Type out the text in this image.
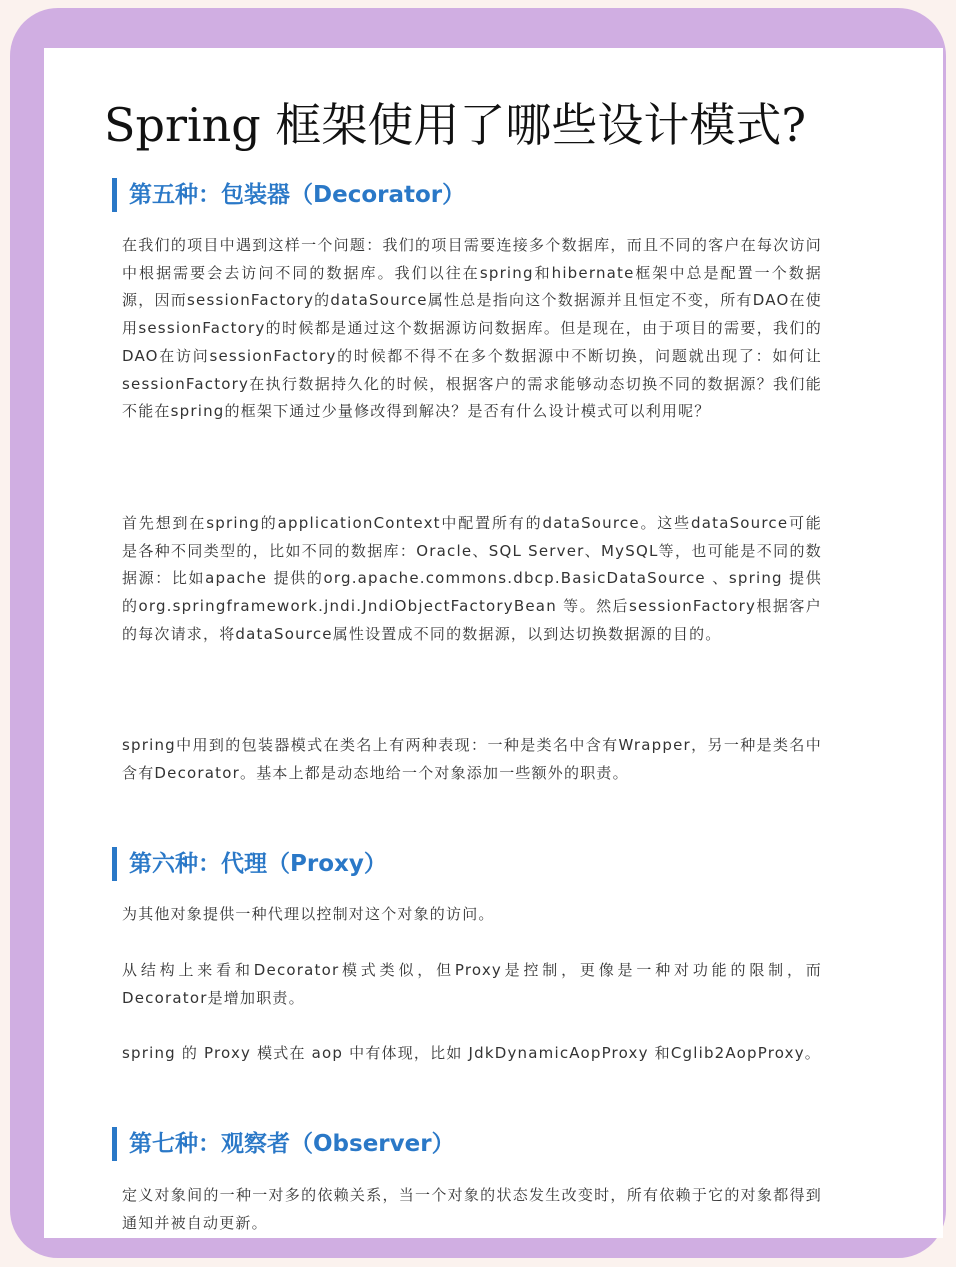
Spring 框架使用了哪些设计模式?
第五种：包装器（Decorator）

在我们的项目中遇到这样一个问题：我们的项目需要连接多个数据库，而且不同的客户在每次访问中根据需要会去访问不同的数据库。我们以往在spring和hibernate框架中总是配置一个数据源，因而sessionFactory的dataSource属性总是指向这个数据源并且恒定不变，所有DAO在使用sessionFactory的时候都是通过这个数据源访问数据库。但是现在，由于项目的需要，我们的DAO在访问sessionFactory的时候都不得不在多个数据源中不断切换，问题就出现了：如何让sessionFactory在执行数据持久化的时候，根据客户的需求能够动态切换不同的数据源？我们能不能在spring的框架下通过少量修改得到解决？是否有什么设计模式可以利用呢？

首先想到在spring的applicationContext中配置所有的dataSource。这些dataSource可能是各种不同类型的，比如不同的数据库：Oracle、SQL Server、MySQL等，也可能是不同的数据源：比如apache 提供的org.apache.commons.dbcp.BasicDataSource 、spring 提供的org.springframework.jndi.JndiObjectFactoryBean 等。然后sessionFactory根据客户的每次请求，将dataSource属性设置成不同的数据源，以到达切换数据源的目的。

spring中用到的包装器模式在类名上有两种表现：一种是类名中含有Wrapper，另一种是类名中含有Decorator。基本上都是动态地给一个对象添加一些额外的职责。

第六种：代理（Proxy）

为其他对象提供一种代理以控制对这个对象的访问。

从结构上来看和Decorator模式类似，但Proxy是控制，更像是一种对功能的限制，而Decorator是增加职责。

spring 的 Proxy 模式在 aop 中有体现，比如 JdkDynamicAopProxy 和Cglib2AopProxy。

第七种：观察者（Observer）

定义对象间的一种一对多的依赖关系，当一个对象的状态发生改变时，所有依赖于它的对象都得到通知并被自动更新。
